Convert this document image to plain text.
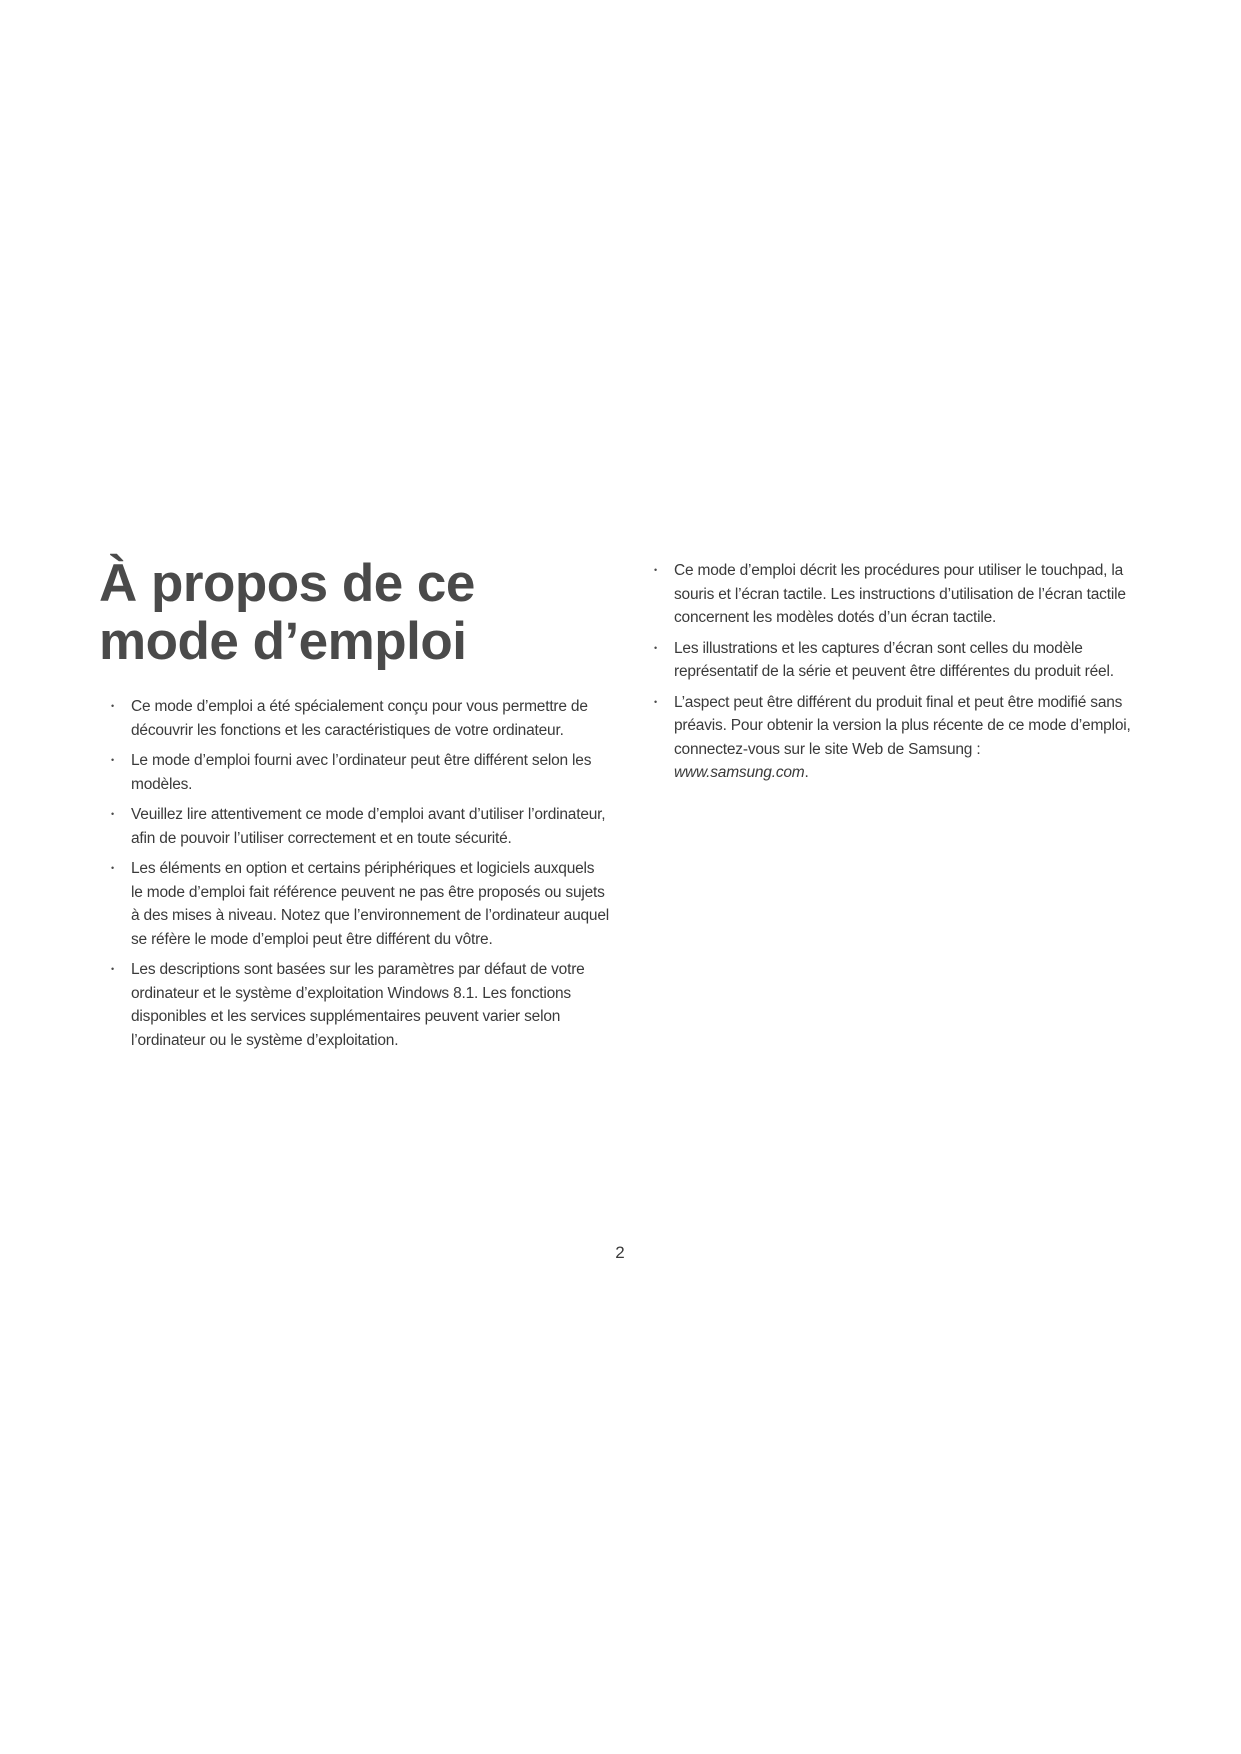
À propos de ce mode d’emploi
• Ce mode d’emploi a été spécialement conçu pour vous permettre de découvrir les fonctions et les caractéristiques de votre ordinateur.
• Le mode d’emploi fourni avec l’ordinateur peut être différent selon les modèles.
• Veuillez lire attentivement ce mode d’emploi avant d’utiliser l’ordinateur, afin de pouvoir l’utiliser correctement et en toute sécurité.
• Les éléments en option et certains périphériques et logiciels auxquels le mode d’emploi fait référence peuvent ne pas être proposés ou sujets à des mises à niveau. Notez que l’environnement de l’ordinateur auquel se réfère le mode d’emploi peut être différent du vôtre.
• Les descriptions sont basées sur les paramètres par défaut de votre ordinateur et le système d’exploitation Windows 8.1. Les fonctions disponibles et les services supplémentaires peuvent varier selon l’ordinateur ou le système d’exploitation.
• Ce mode d’emploi décrit les procédures pour utiliser le touchpad, la souris et l’écran tactile. Les instructions d’utilisation de l’écran tactile concernent les modèles dotés d’un écran tactile.
• Les illustrations et les captures d’écran sont celles du modèle représentatif de la série et peuvent être différentes du produit réel.
• L’aspect peut être différent du produit final et peut être modifié sans préavis. Pour obtenir la version la plus récente de ce mode d’emploi, connectez-vous sur le site Web de Samsung :
www.samsung.com.
2
